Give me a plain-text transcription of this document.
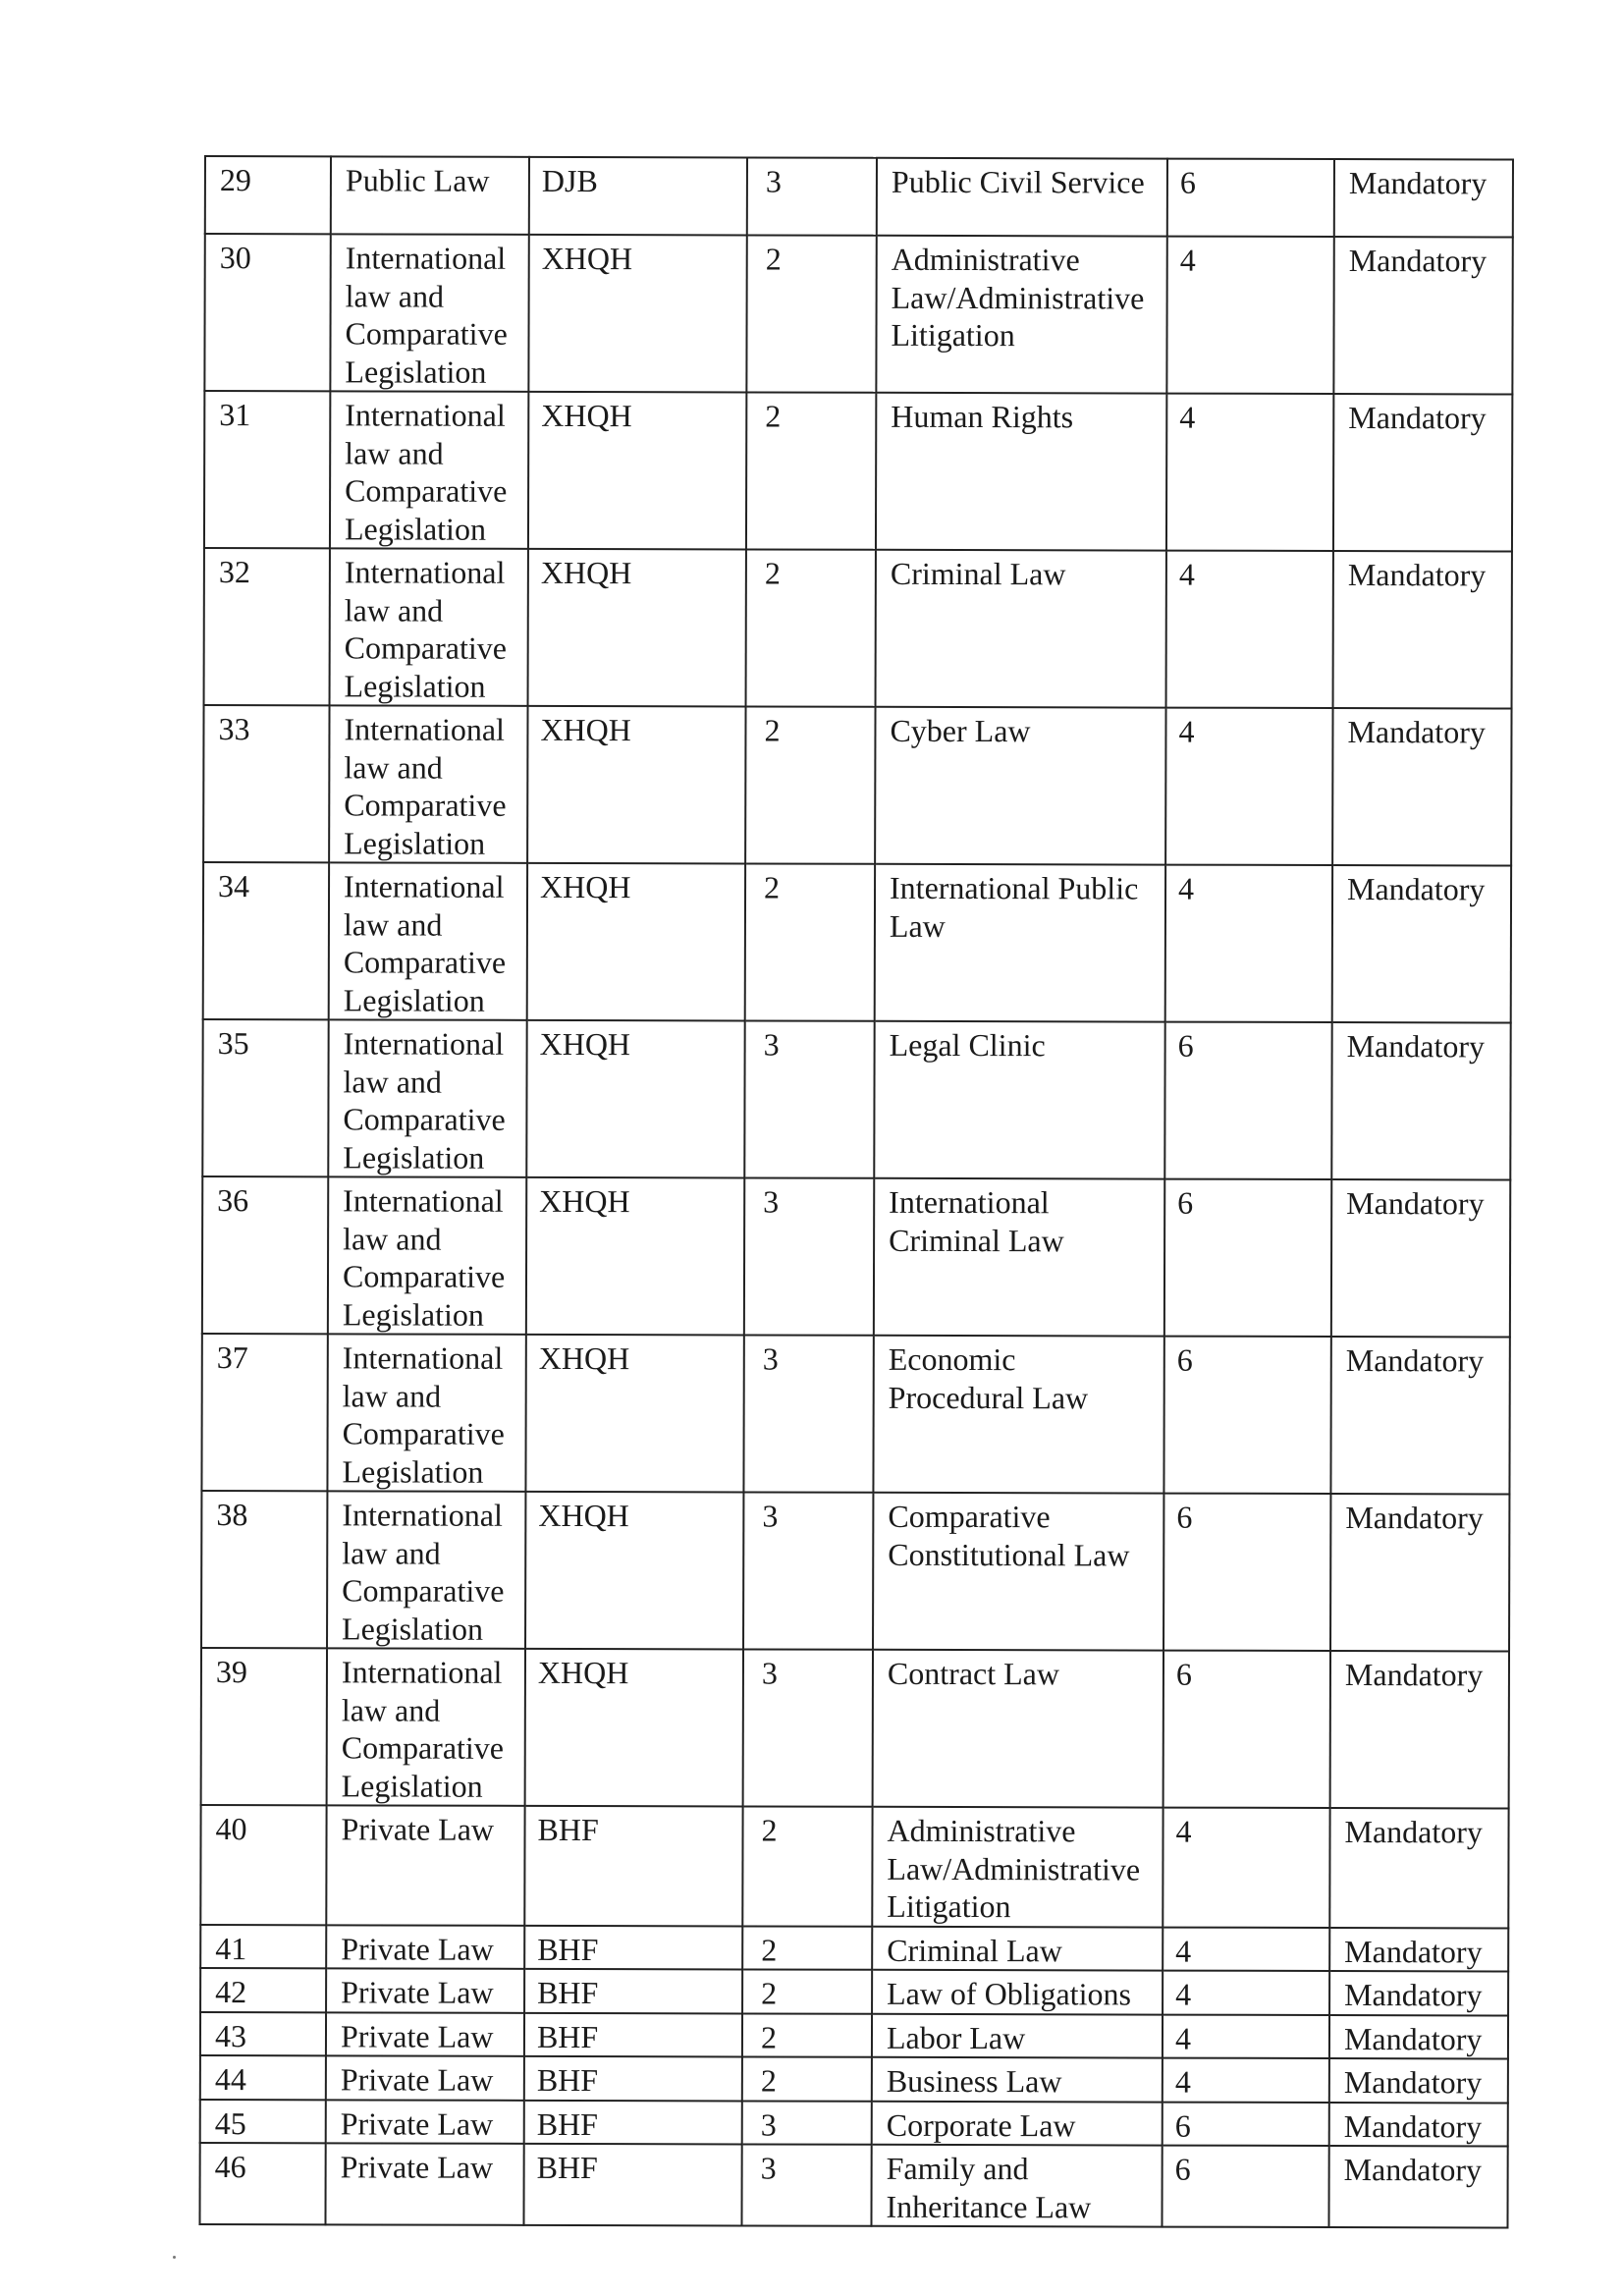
29	Public Law	DJB	3	Public Civil Service	6	Mandatory
30	International law and Comparative Legislation	XHQH	2	Administrative Law/Administrative Litigation	4	Mandatory
31	International law and Comparative Legislation	XHQH	2	Human Rights	4	Mandatory
32	International law and Comparative Legislation	XHQH	2	Criminal Law	4	Mandatory
33	International law and Comparative Legislation	XHQH	2	Cyber Law	4	Mandatory
34	International law and Comparative Legislation	XHQH	2	International Public Law	4	Mandatory
35	International law and Comparative Legislation	XHQH	3	Legal Clinic	6	Mandatory
36	International law and Comparative Legislation	XHQH	3	International Criminal Law	6	Mandatory
37	International law and Comparative Legislation	XHQH	3	Economic Procedural Law	6	Mandatory
38	International law and Comparative Legislation	XHQH	3	Comparative Constitutional Law	6	Mandatory
39	International law and Comparative Legislation	XHQH	3	Contract Law	6	Mandatory
40	Private Law	BHF	2	Administrative Law/Administrative Litigation	4	Mandatory
41	Private Law	BHF	2	Criminal Law	4	Mandatory
42	Private Law	BHF	2	Law of Obligations	4	Mandatory
43	Private Law	BHF	2	Labor Law	4	Mandatory
44	Private Law	BHF	2	Business Law	4	Mandatory
45	Private Law	BHF	3	Corporate Law	6	Mandatory
46	Private Law	BHF	3	Family and Inheritance Law	6	Mandatory
